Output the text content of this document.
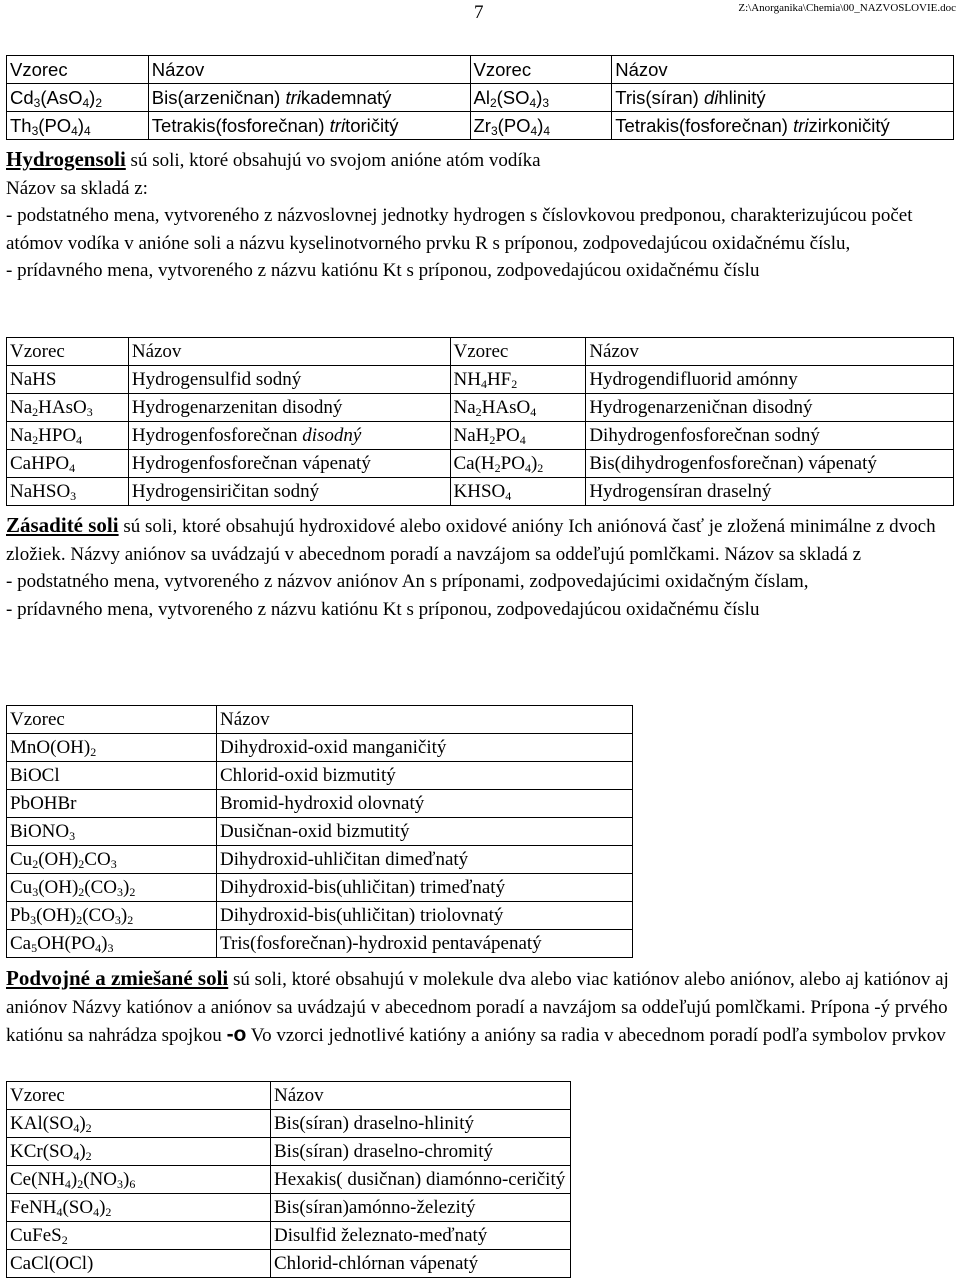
7	Z:\Anorganika\Chemia\00_NAZVOSLOVIE.doc
Vzorec	Názov	Vzorec	Názov
$Cd_3(AsO_4)_2$	Bis(arzeničnan) trikademnatý	$Al_2(SO_4)_3$	Tris(síran) dihlinitý
$Th_3(PO_4)_4$	Tetrakis(fosforečnan) tritoričitý	$Zr_3(PO_4)_4$	Tetrakis(fosforečnan) trizirkoničitý
Hydrogensoli sú soli, ktoré obsahujú vo svojom anióne atóm vodíka
Názov sa skladá z:
- podstatného mena, vytvoreného z názvoslovnej jednotky hydrogen s číslovkovou predponou, charakterizujúcou počet atómov vodíka v anióne soli a názvu kyselinotvorného prvku R s príponou, zodpovedajúcou oxidačnému číslu,
- prídavného mena, vytvoreného z názvu katiónu Kt s príponou, zodpovedajúcou oxidačnému číslu
Vzorec	Názov	Vzorec	Názov
NaHS	Hydrogensulfid sodný	$NH_4HF_2$	Hydrogendifluorid amónny
$Na_2HAsO_3$	Hydrogenarzenitan disodný	$Na_2HAsO_4$	Hydrogenarzeničnan disodný
$Na_2HPO_4$	Hydrogenfosforečnan disodný	$NaH_2PO_4$	Dihydrogenfosforečnan sodný
CaHPO$_4$	Hydrogenfosforečnan vápenatý	$Ca(H_2PO_4)_2$	Bis(dihydrogenfosforečnan) vápenatý
NaHSO$_3$	Hydrogensiričitan sodný	$KHSO_4$	Hydrogensíran draselný
Zásadité soli sú soli, ktoré obsahujú hydroxidové alebo oxidové anióny Ich aniónová časť je zložená minimálne z dvoch zložiek. Názvy aniónov sa uvádzajú v abecednom poradí a navzájom sa oddeľujú pomlčkami. Názov sa skladá z
- podstatného mena, vytvoreného z názvov aniónov An s príponami, zodpovedajúcimi oxidačným číslam,
- prídavného mena, vytvoreného z názvu katiónu Kt s príponou, zodpovedajúcou oxidačnému číslu
Vzorec	Názov
$MnO(OH)_2$	Dihydroxid-oxid manganičitý
BiOCl	Chlorid-oxid bizmutitý
PbOHBr	Bromid-hydroxid olovnatý
BiONO$_3$	Dusičnan-oxid bizmutitý
$Cu_2(OH)_2CO_3$	Dihydroxid-uhličitan dimeďnatý
$Cu_3(OH)_2(CO_3)_2$	Dihydroxid-bis(uhličitan) trimeďnatý
$Pb_3(OH)_2(CO_3)_2$	Dihydroxid-bis(uhličitan) triolovnatý
$Ca_5OH(PO_4)_3$	Tris(fosforečnan)-hydroxid pentavápenatý
Podvojné a zmiešané soli sú soli, ktoré obsahujú v molekule dva alebo viac katiónov alebo aniónov, alebo aj katiónov aj aniónov Názvy katiónov a aniónov sa uvádzajú v abecednom poradí a navzájom sa oddeľujú pomlčkami. Prípona -ý prvého katiónu sa nahrádza spojkou -o Vo vzorci jednotlivé katióny a anióny sa radia v abecednom poradí podľa symbolov prvkov
Vzorec	Názov
$KAl(SO_4)_2$	Bis(síran) draselno-hlinitý
$KCr(SO_4)_2$	Bis(síran) draselno-chromitý
$Ce(NH_4)_2(NO_3)_6$	Hexakis( dusičnan) diamónno-ceričitý
$FeNH_4(SO_4)_2$	Bis(síran)amónno-železitý
CuFeS$_2$	Disulfid železnato-meďnatý
CaCl(OCl)	Chlorid-chlórnan vápenatý
